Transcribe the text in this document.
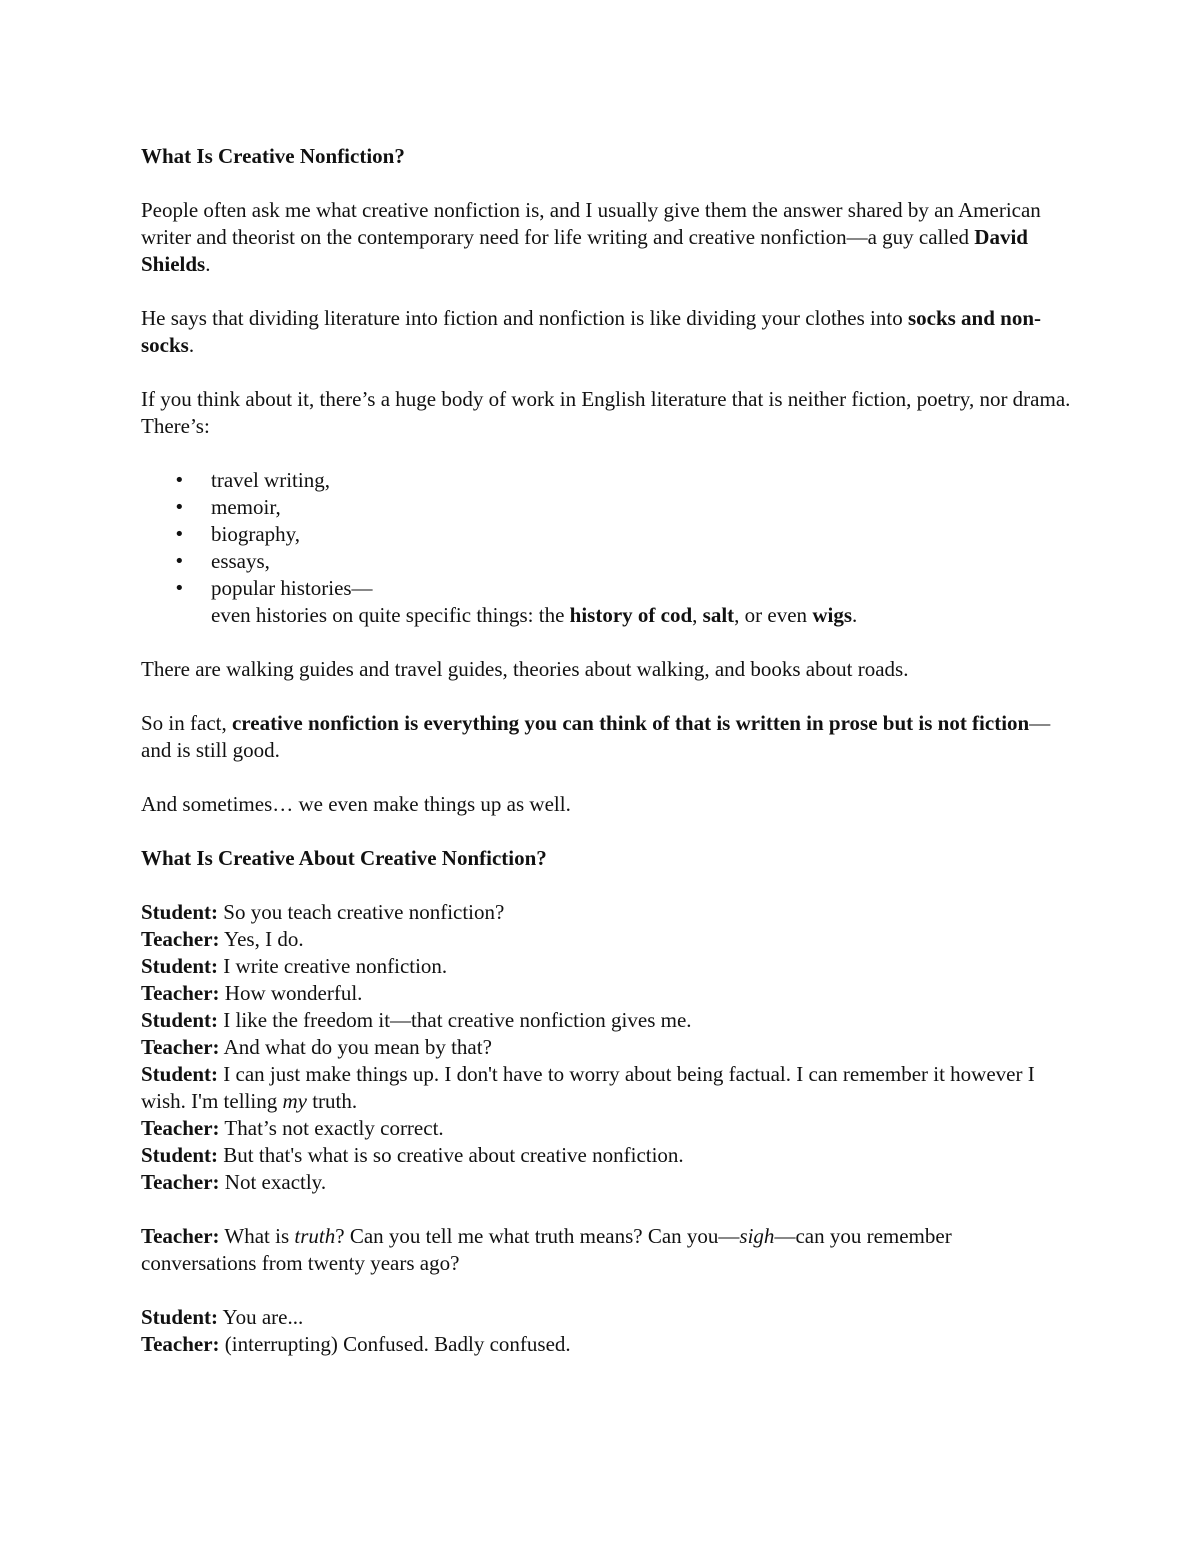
What Is Creative Nonfiction?

People often ask me what creative nonfiction is, and I usually give them the answer shared by an American writer and theorist on the contemporary need for life writing and creative nonfiction—a guy called David Shields.

He says that dividing literature into fiction and nonfiction is like dividing your clothes into socks and non-socks.

If you think about it, there’s a huge body of work in English literature that is neither fiction, poetry, nor drama. There’s:

• travel writing,
• memoir,
• biography,
• essays,
• popular histories—
even histories on quite specific things: the history of cod, salt, or even wigs.

There are walking guides and travel guides, theories about walking, and books about roads.

So in fact, creative nonfiction is everything you can think of that is written in prose but is not fiction—and is still good.

And sometimes… we even make things up as well.

What Is Creative About Creative Nonfiction?

Student: So you teach creative nonfiction?
Teacher: Yes, I do.
Student: I write creative nonfiction.
Teacher: How wonderful.
Student: I like the freedom it—that creative nonfiction gives me.
Teacher: And what do you mean by that?
Student: I can just make things up. I don't have to worry about being factual. I can remember it however I wish. I'm telling my truth.
Teacher: That’s not exactly correct.
Student: But that's what is so creative about creative nonfiction.
Teacher: Not exactly.

Teacher: What is truth? Can you tell me what truth means? Can you—sigh—can you remember conversations from twenty years ago?

Student: You are...
Teacher: (interrupting) Confused. Badly confused.
